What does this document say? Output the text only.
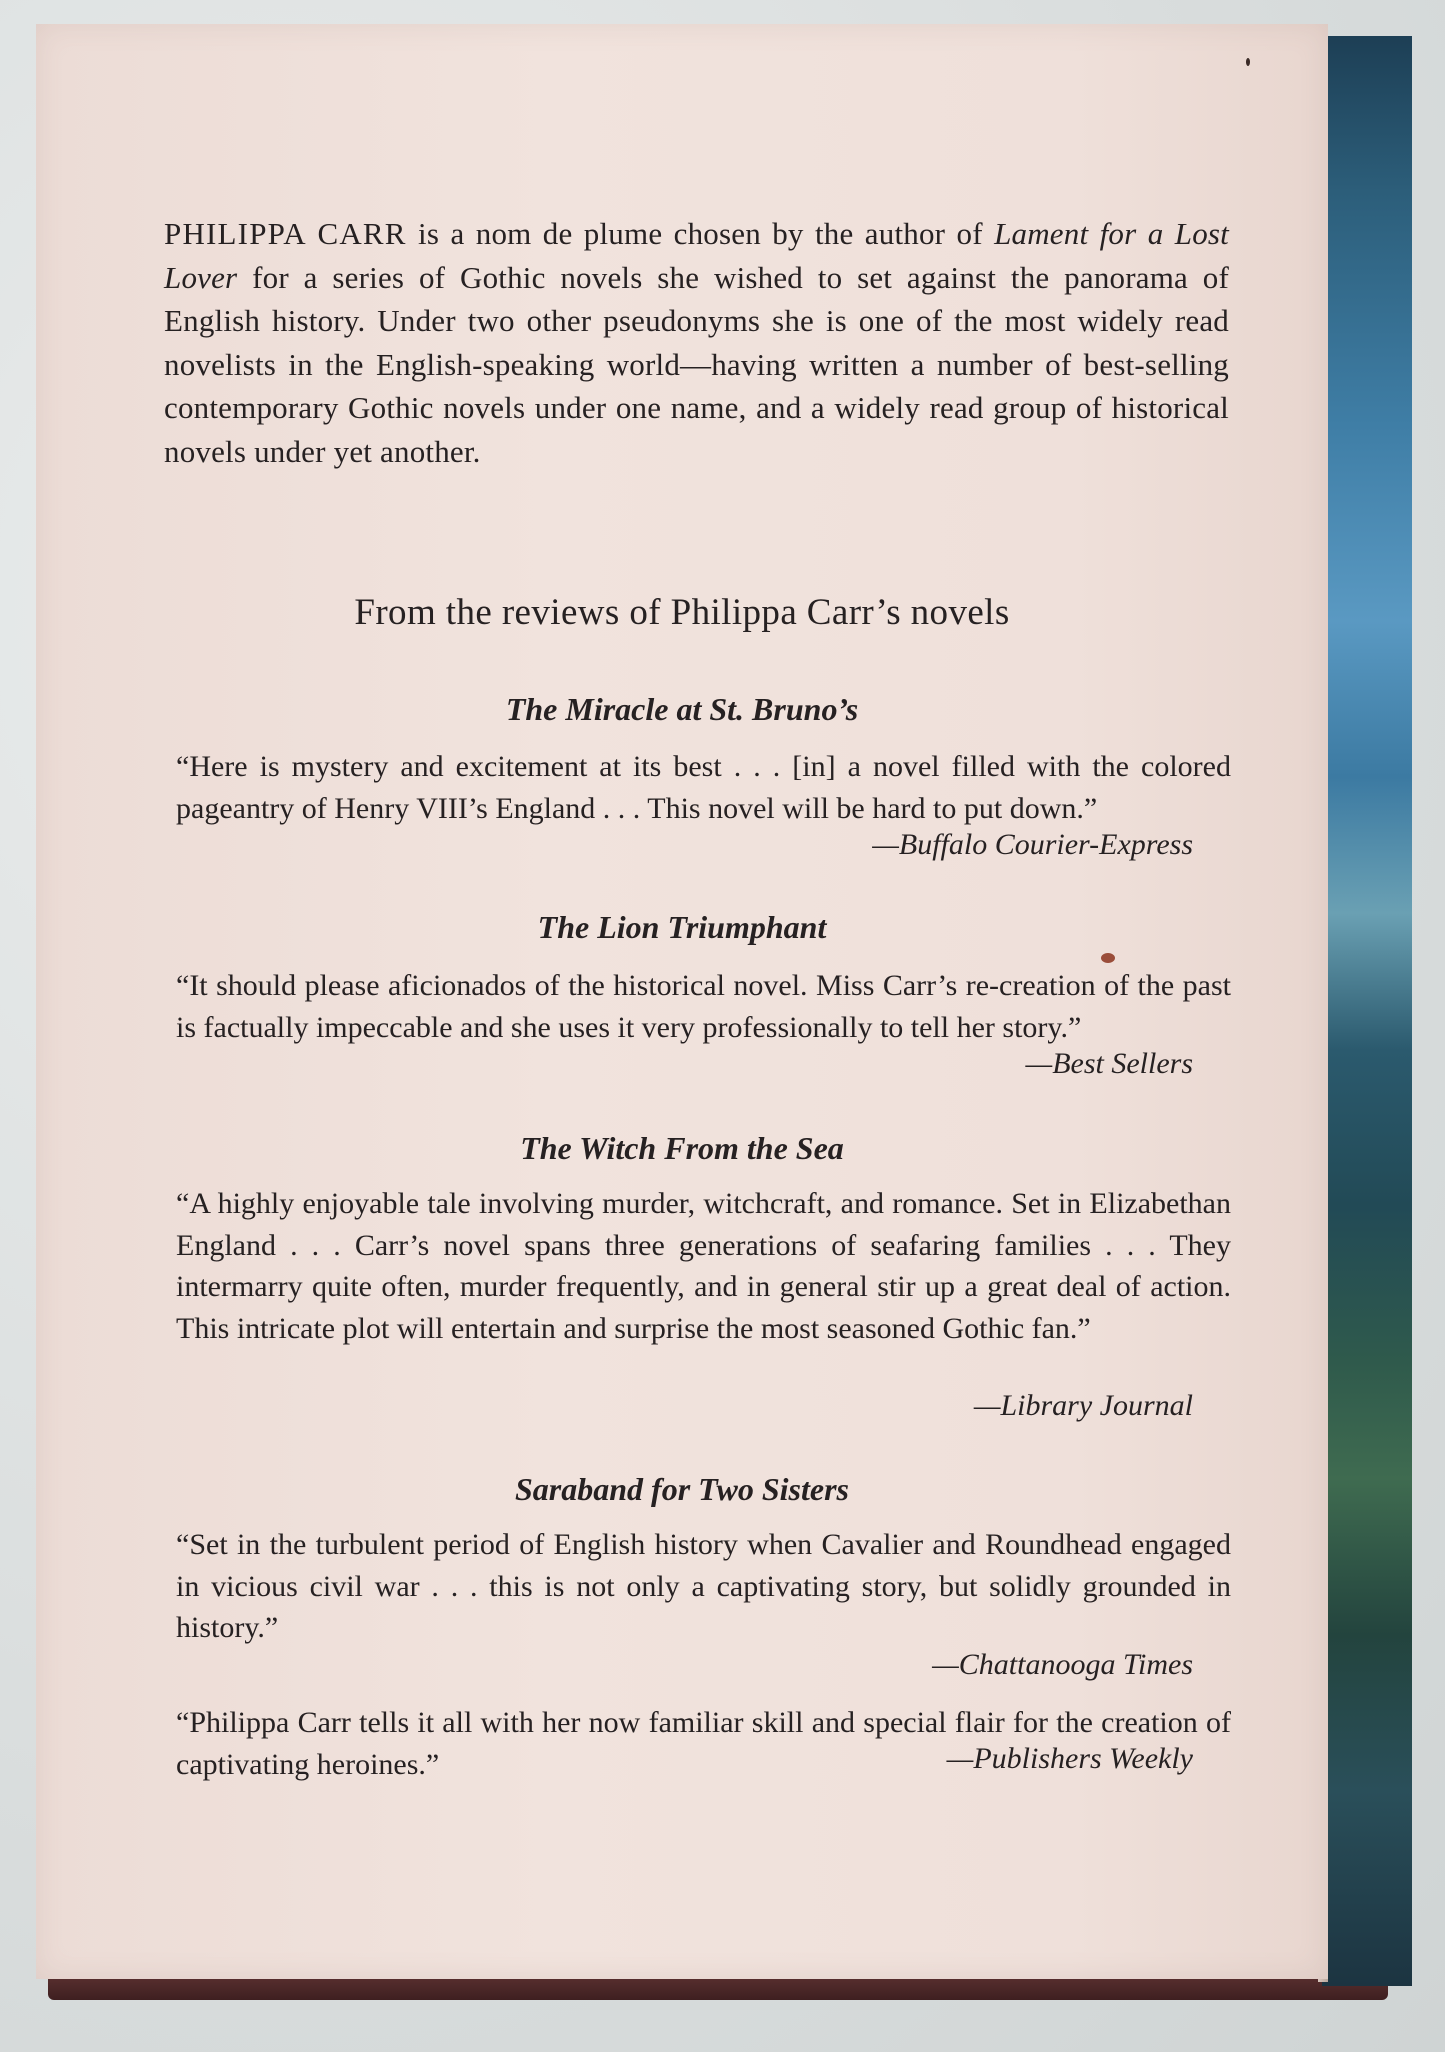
PHILIPPA CARR is a nom de plume chosen by the author of Lament for a Lost Lover for a series of Gothic novels she wished to set against the panorama of English history. Under two other pseudonyms she is one of the most widely read novelists in the English-speaking world—having written a number of best-selling contemporary Gothic novels under one name, and a widely read group of historical novels under yet another.
From the reviews of Philippa Carr’s novels
The Miracle at St. Bruno’s
“Here is mystery and excitement at its best . . . [in] a novel filled with the colored pageantry of Henry VIII’s England . . . This novel will be hard to put down.”
—Buffalo Courier-Express
The Lion Triumphant
“It should please aficionados of the historical novel. Miss Carr’s re-creation of the past is factually impeccable and she uses it very professionally to tell her story.”
—Best Sellers
The Witch From the Sea
“A highly enjoyable tale involving murder, witchcraft, and romance. Set in Elizabethan England . . . Carr’s novel spans three generations of seafaring families . . . They intermarry quite often, murder frequently, and in general stir up a great deal of action. This intricate plot will entertain and surprise the most seasoned Gothic fan.”
—Library Journal
Saraband for Two Sisters
“Set in the turbulent period of English history when Cavalier and Roundhead engaged in vicious civil war . . . this is not only a captivating story, but solidly grounded in history.”
—Chattanooga Times
“Philippa Carr tells it all with her now familiar skill and special flair for the creation of captivating heroines.”	—Publishers Weekly
